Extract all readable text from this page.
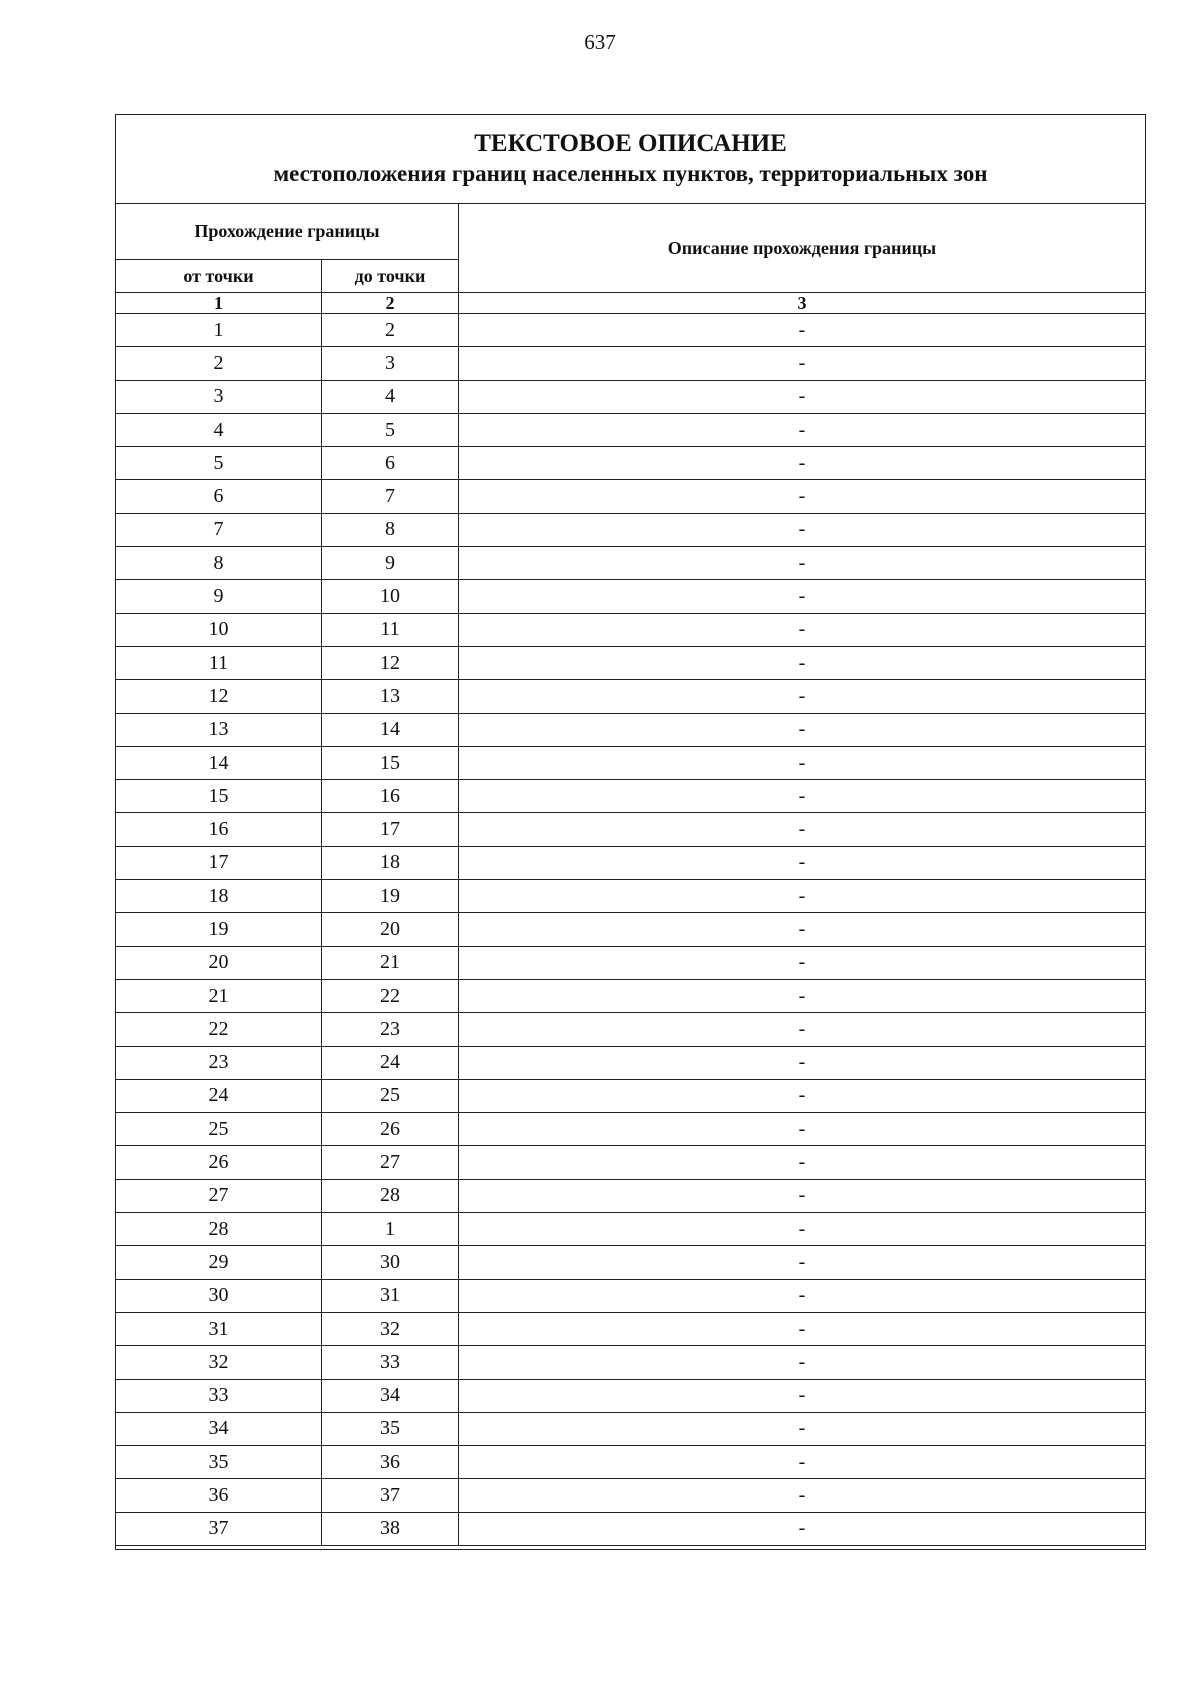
637
ТЕКСТОВОЕ ОПИСАНИЕ
местоположения границ населенных пунктов, территориальных зон		

Прохождение границы		Описание прохождения границы
от точки	до точки	
1	2	3
1	2	-
2	3	-
3	4	-
4	5	-
5	6	-
6	7	-
7	8	-
8	9	-
9	10	-
10	11	-
11	12	-
12	13	-
13	14	-
14	15	-
15	16	-
16	17	-
17	18	-
18	19	-
19	20	-
20	21	-
21	22	-
22	23	-
23	24	-
24	25	-
25	26	-
26	27	-
27	28	-
28	1	-
29	30	-
30	31	-
31	32	-
32	33	-
33	34	-
34	35	-
35	36	-
36	37	-
37	38	-
